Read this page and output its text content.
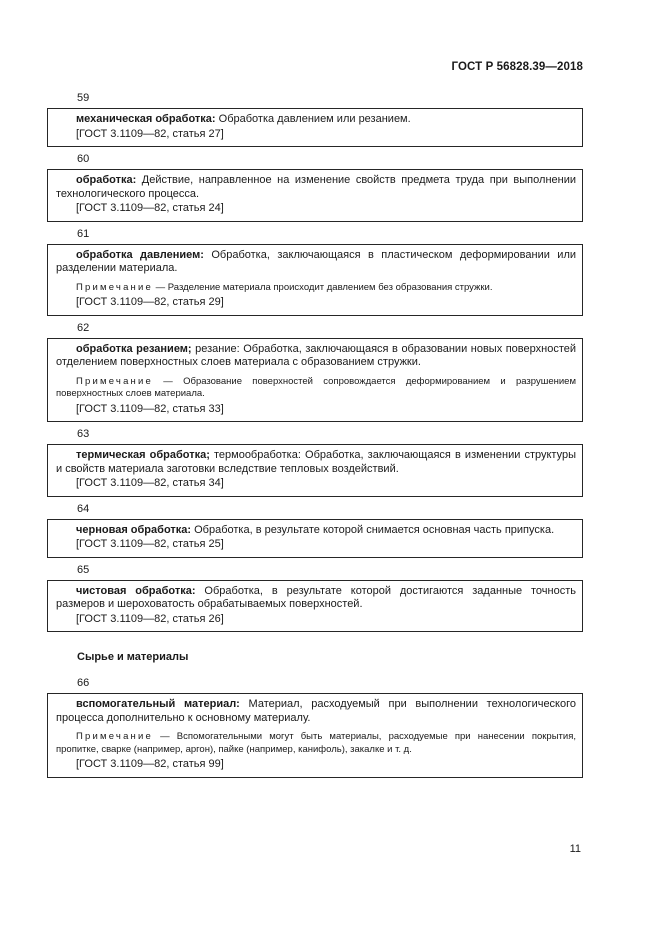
ГОСТ Р 56828.39—2018
59
механическая обработка: Обработка давлением или резанием.
[ГОСТ 3.1109—82, статья 27]
60
обработка: Действие, направленное на изменение свойств предмета труда при выполнении технологического процесса.
[ГОСТ 3.1109—82, статья 24]
61
обработка давлением: Обработка, заключающаяся в пластическом деформировании или разделении материала.
Примечание — Разделение материала происходит давлением без образования стружки.
[ГОСТ 3.1109—82, статья 29]
62
обработка резанием; резание: Обработка, заключающаяся в образовании новых поверхностей отделением поверхностных слоев материала с образованием стружки.
Примечание — Образование поверхностей сопровождается деформированием и разрушением поверхностных слоев материала.
[ГОСТ 3.1109—82, статья 33]
63
термическая обработка; термообработка: Обработка, заключающаяся в изменении структуры и свойств материала заготовки вследствие тепловых воздействий.
[ГОСТ 3.1109—82, статья 34]
64
черновая обработка: Обработка, в результате которой снимается основная часть припуска.
[ГОСТ 3.1109—82, статья 25]
65
чистовая обработка: Обработка, в результате которой достигаются заданные точность размеров и шероховатость обрабатываемых поверхностей.
[ГОСТ 3.1109—82, статья 26]
Сырье и материалы
66
вспомогательный материал: Материал, расходуемый при выполнении технологического процесса дополнительно к основному материалу.
Примечание — Вспомогательными могут быть материалы, расходуемые при нанесении покрытия, пропитке, сварке (например, аргон), пайке (например, канифоль), закалке и т. д.
[ГОСТ 3.1109—82, статья 99]
11
